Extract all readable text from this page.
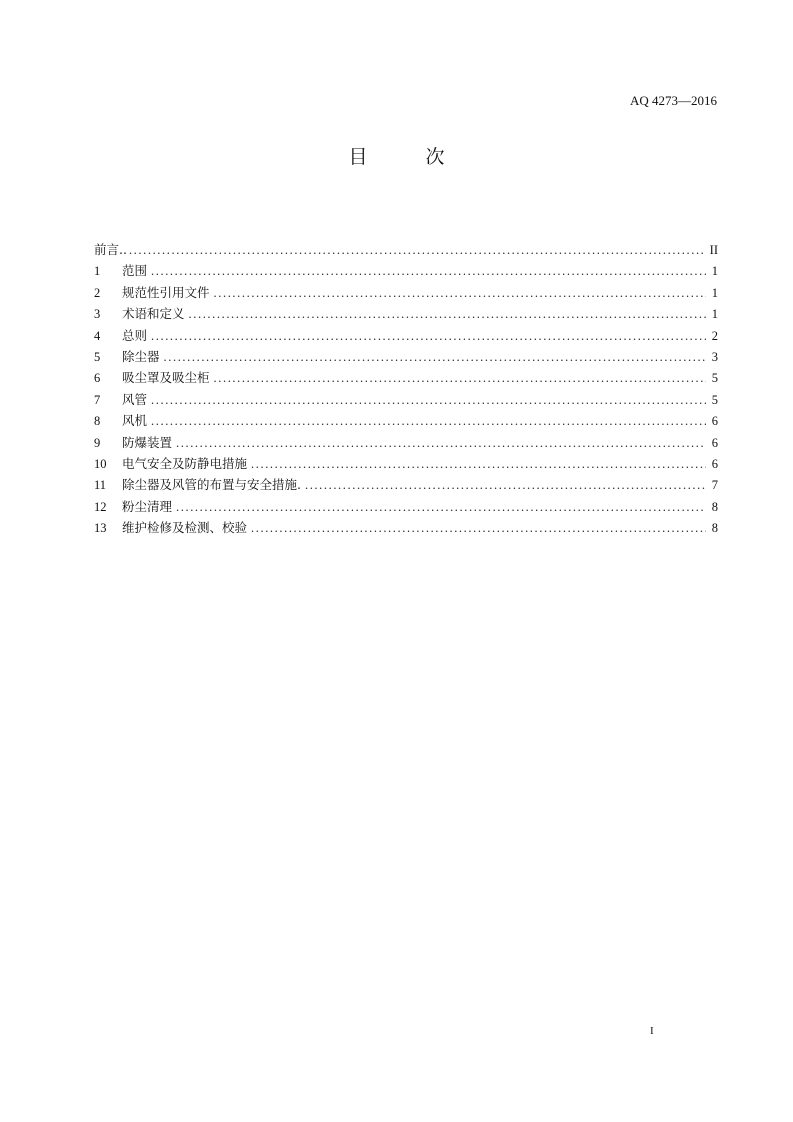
AQ 4273—2016
目	次
前言.. .....	II
1	范围 .....	1
2	规范性引用文件 .....	1
3	术语和定义 .....	1
4	总则 .....	2
5	除尘器 .....	3
6	吸尘罩及吸尘柜 .....	5
7	风管 .....	5
8	风机 .....	6
9	防爆装置 .....	6
10	电气安全及防静电措施 .....	6
11	除尘器及风管的布置与安全措施. .....	7
12	粉尘清理 .....	8
13	维护检修及检测、校验 .....	8
I
